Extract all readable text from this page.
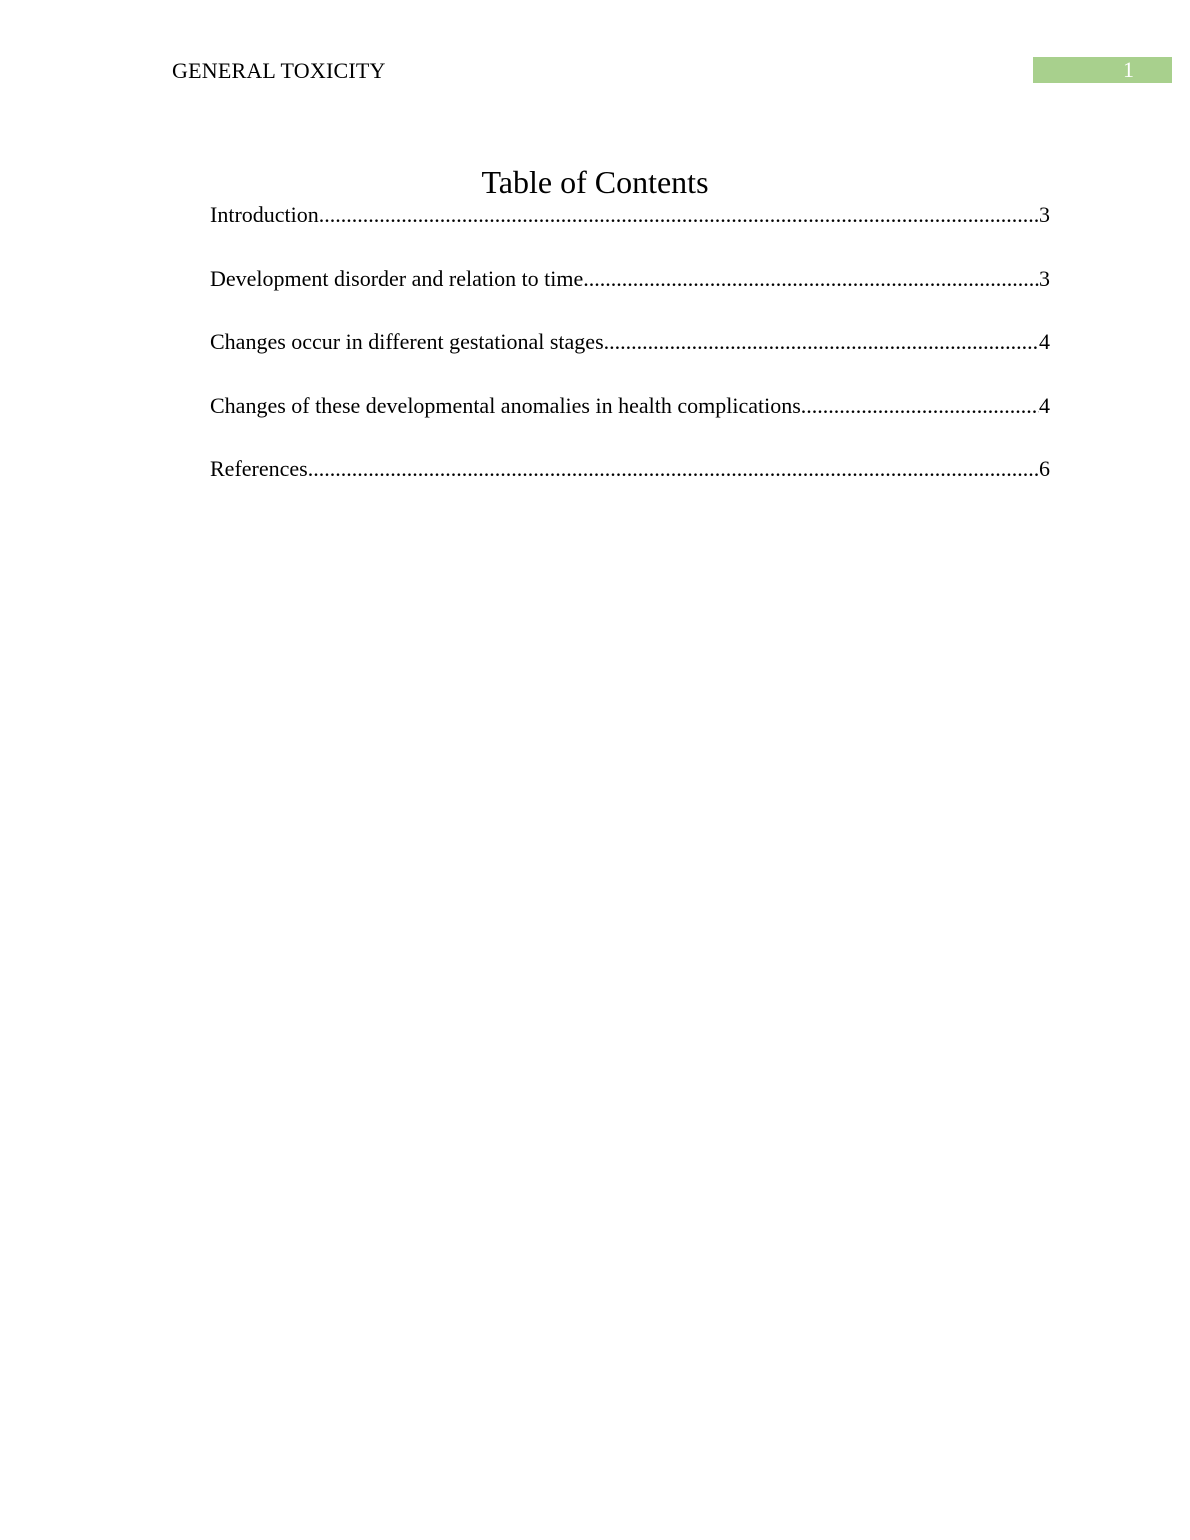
GENERAL TOXICITY	1
Table of Contents
Introduction .....	3
Development disorder and relation to time .....	3
Changes occur in different gestational stages .....	4
Changes of these developmental anomalies in health complications .....	4
References .....	6
